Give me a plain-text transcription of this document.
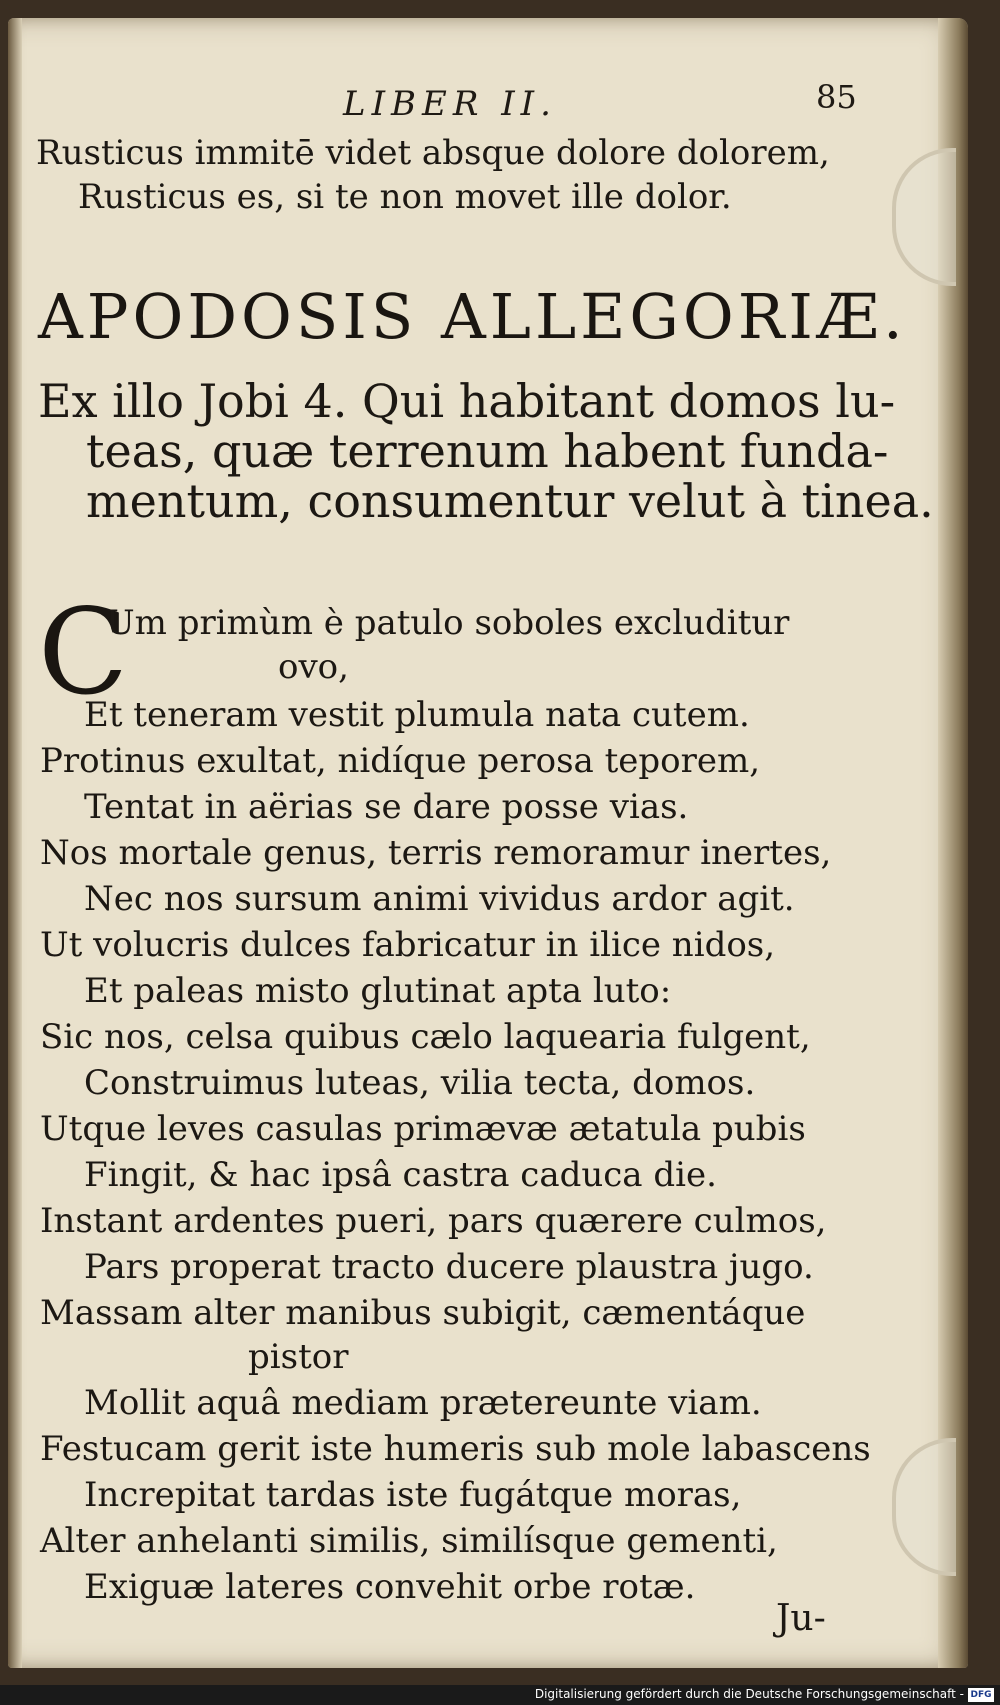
LIBER II.	85
Rusticus immitē videt absque dolore dolorem,
Rusticus es, si te non movet ille dolor.
APODOSIS ALLEGORIÆ.
Ex illo Jobi 4. Qui habitant domos lu-
teas, quæ terrenum habent funda-
mentum, consumentur velut à tinea.
C
Um primùm è patulo soboles excluditur
ovo,
Et teneram vestit plumula nata cutem.
Protinus exultat, nidíque perosa teporem,
Tentat in aërias se dare posse vias.
Nos mortale genus, terris remoramur inertes,
Nec nos sursum animi vividus ardor agit.
Ut volucris dulces fabricatur in ilice nidos,
Et paleas misto glutinat apta luto:
Sic nos, celsa quibus cælo laquearia fulgent,
Construimus luteas, vilia tecta, domos.
Utque leves casulas primævæ ætatula pubis
Fingit, & hac ipsâ castra caduca die.
Instant ardentes pueri, pars quærere culmos,
Pars properat tracto ducere plaustra jugo.
Massam alter manibus subigit, cæmentáque
pistor
Mollit aquâ mediam prætereunte viam.
Festucam gerit iste humeris sub mole labascens
Increpitat tardas iste fugátque moras,
Alter anhelanti similis, similísque gementi,
Exiguæ lateres convehit orbe rotæ.
Ju-
Digitalisierung gefördert durch die Deutsche Forschungsgemeinschaft - DFG
